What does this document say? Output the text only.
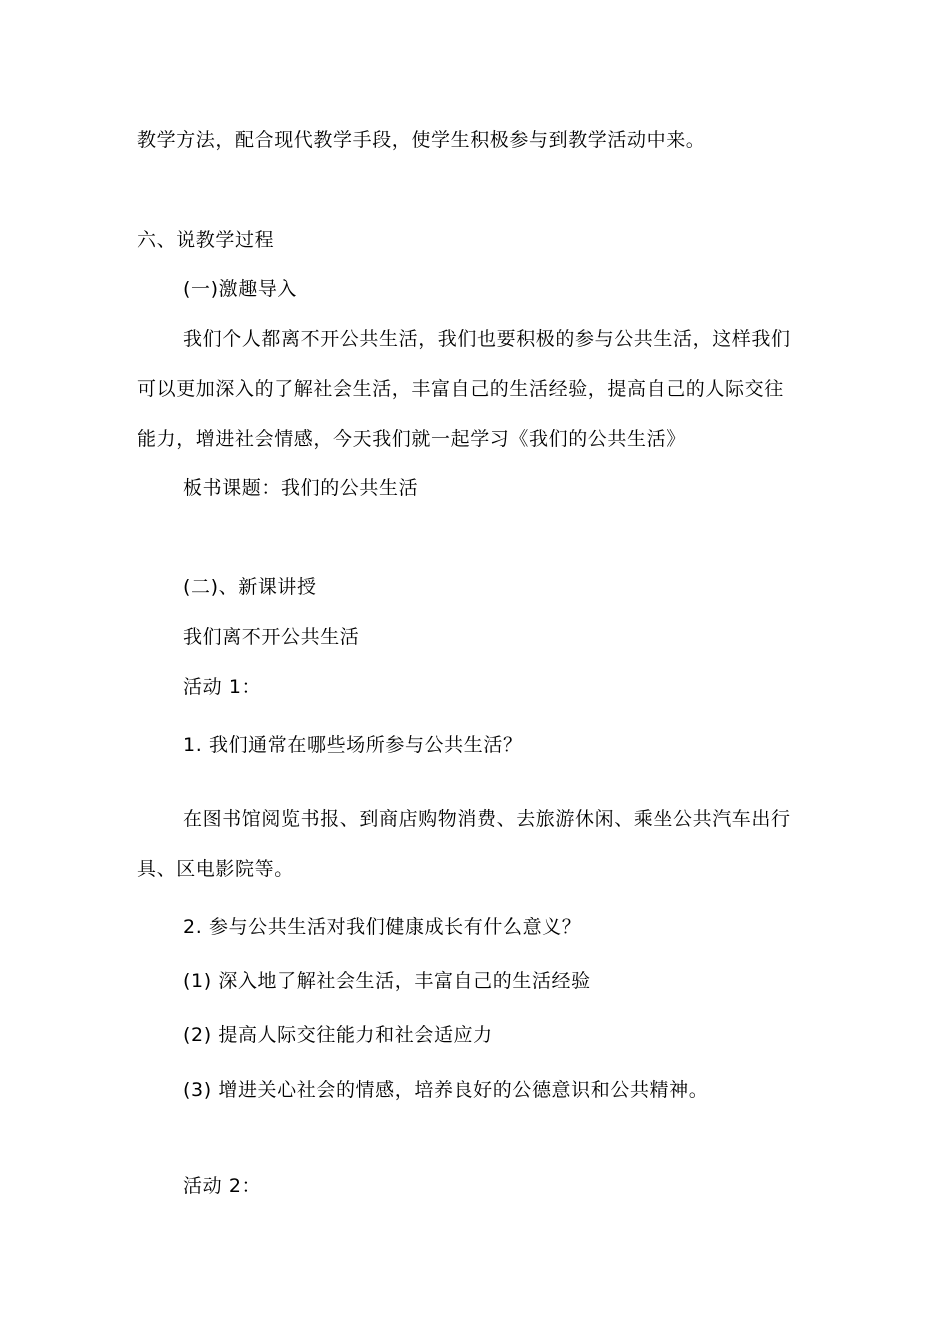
教学方法，配合现代教学手段，使学生积极参与到教学活动中来。
六、说教学过程
(一)激趣导入
我们个人都离不开公共生活，我们也要积极的参与公共生活，这样我们
可以更加深入的了解社会生活，丰富自己的生活经验，提高自己的人际交往
能力，增进社会情感，今天我们就一起学习《我们的公共生活》
板书课题：我们的公共生活
(二)、新课讲授
我们离不开公共生活
活动 1：
1. 我们通常在哪些场所参与公共生活？
在图书馆阅览书报、到商店购物消费、去旅游休闲、乘坐公共汽车出行
具、区电影院等。
2. 参与公共生活对我们健康成长有什么意义？
(1) 深入地了解社会生活，丰富自己的生活经验
(2) 提高人际交往能力和社会适应力
(3) 增进关心社会的情感，培养良好的公德意识和公共精神。
活动 2：
